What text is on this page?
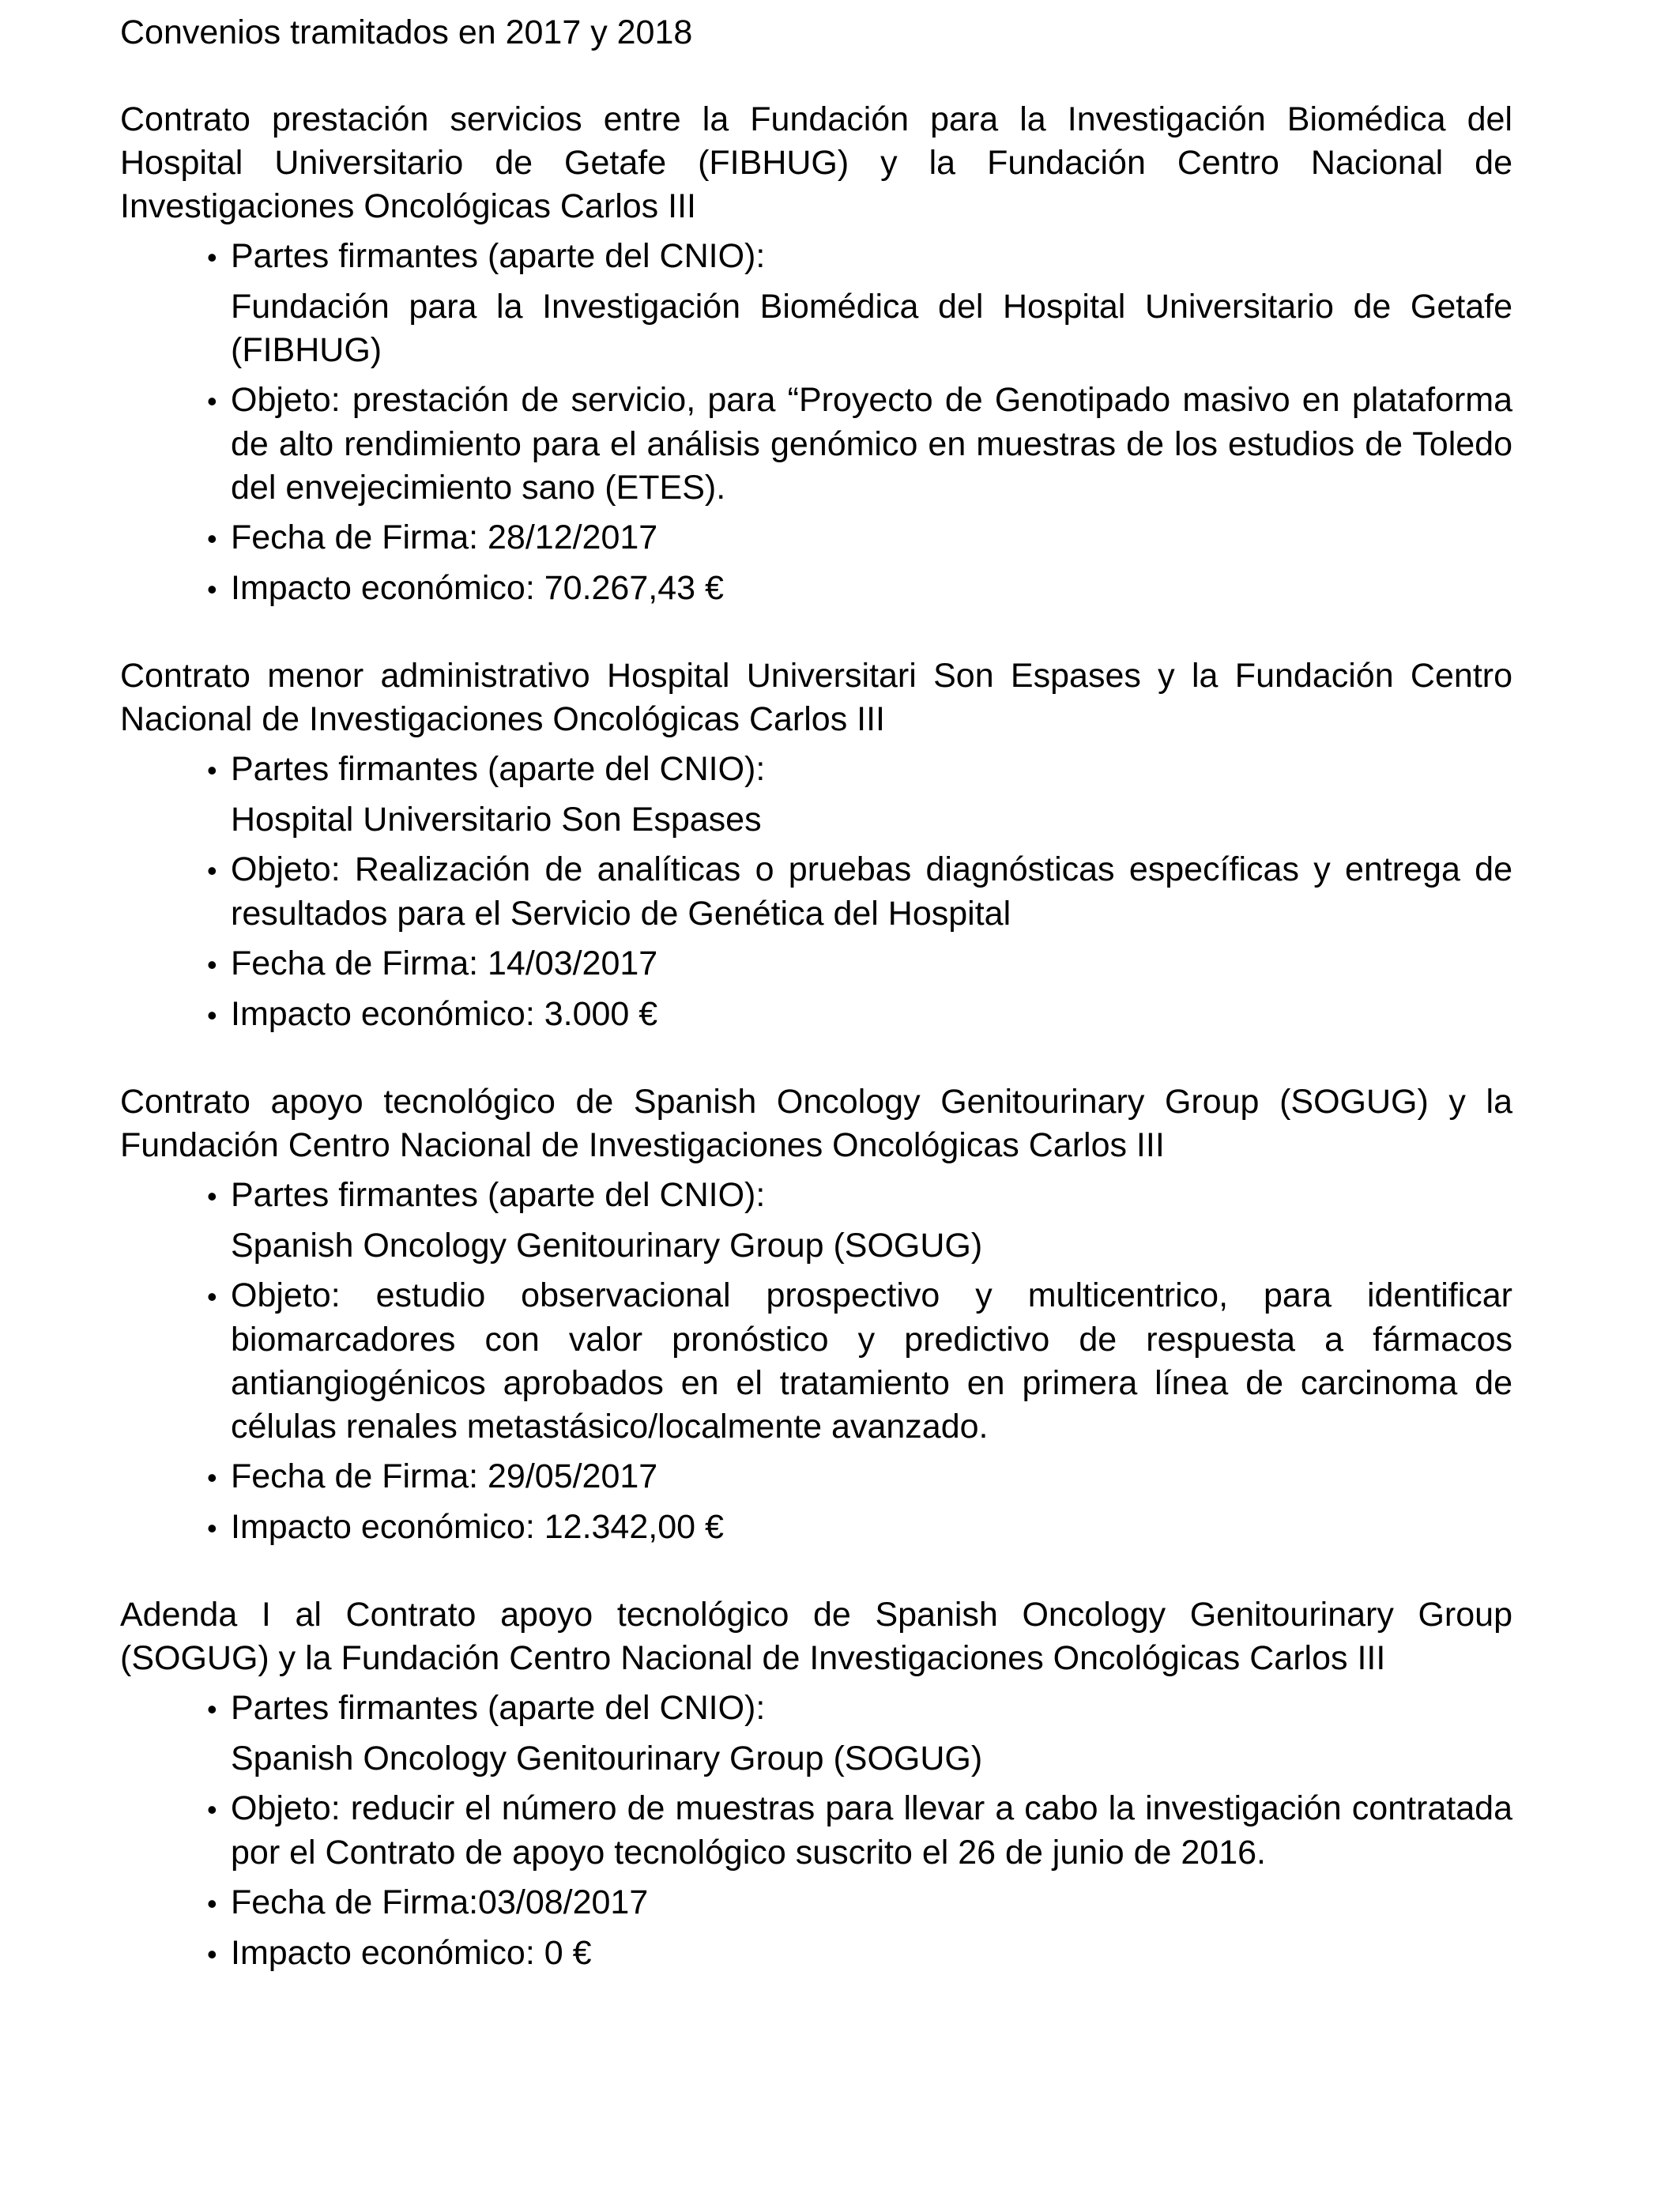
Convenios tramitados en 2017 y 2018
Contrato prestación servicios entre la Fundación para la Investigación Biomédica del Hospital Universitario de Getafe (FIBHUG) y la Fundación Centro Nacional de Investigaciones Oncológicas Carlos III
• Partes firmantes (aparte del CNIO):
Fundación para la Investigación Biomédica del Hospital Universitario de Getafe (FIBHUG)
• Objeto: prestación de servicio, para “Proyecto de Genotipado masivo en plataforma de alto rendimiento para el análisis genómico en muestras de los estudios de Toledo del envejecimiento sano (ETES).
• Fecha de Firma: 28/12/2017
• Impacto económico: 70.267,43 €
Contrato menor administrativo Hospital Universitari Son Espases y la Fundación Centro Nacional de Investigaciones Oncológicas Carlos III
• Partes firmantes (aparte del CNIO):
Hospital Universitario Son Espases
• Objeto: Realización de analíticas o pruebas diagnósticas específicas y entrega de resultados para el Servicio de Genética del Hospital
• Fecha de Firma: 14/03/2017
• Impacto económico: 3.000 €
Contrato apoyo tecnológico de Spanish Oncology Genitourinary Group (SOGUG) y la Fundación Centro Nacional de Investigaciones Oncológicas Carlos III
• Partes firmantes (aparte del CNIO):
Spanish Oncology Genitourinary Group (SOGUG)
• Objeto: estudio observacional prospectivo y multicentrico, para identificar biomarcadores con valor pronóstico y predictivo de respuesta a fármacos antiangiogénicos aprobados en el tratamiento en primera línea de carcinoma de células renales metastásico/localmente avanzado.
• Fecha de Firma: 29/05/2017
• Impacto económico: 12.342,00 €
Adenda I al Contrato apoyo tecnológico de Spanish Oncology Genitourinary Group (SOGUG) y la Fundación Centro Nacional de Investigaciones Oncológicas Carlos III
• Partes firmantes (aparte del CNIO):
Spanish Oncology Genitourinary Group (SOGUG)
• Objeto: reducir el número de muestras para llevar a cabo la investigación contratada por el Contrato de apoyo tecnológico suscrito el 26 de junio de 2016.
• Fecha de Firma:03/08/2017
• Impacto económico: 0 €
